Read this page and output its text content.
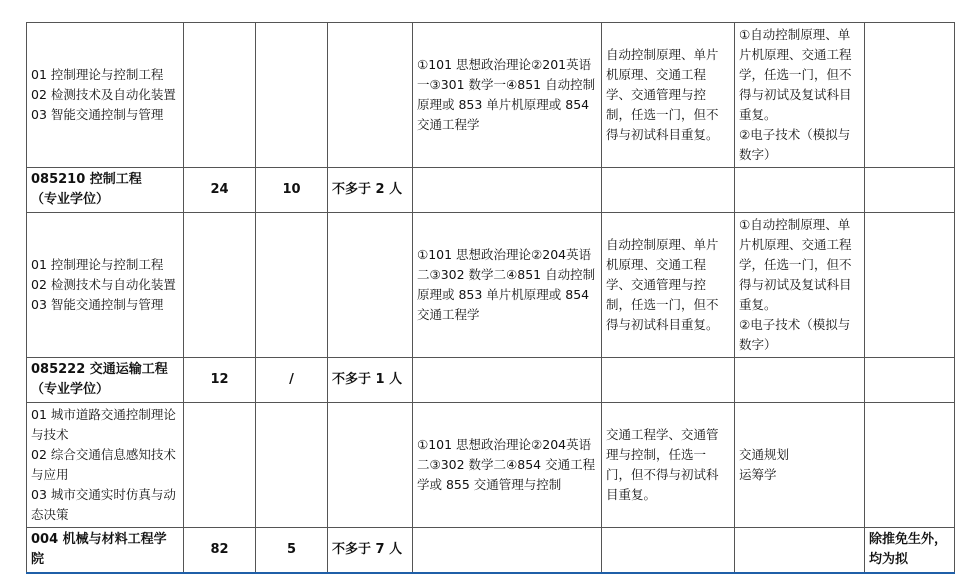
01 控制理论与控制工程
02 检测技术及自动化装置
03 智能交通控制与管理				①101 思想政治理论②201英语一③301 数学一④851 自动控制原理或 853 单片机原理或 854 交通工程学	自动控制原理、单片机原理、交通工程学、交通管理与控制，任选一门，但不得与初试科目重复。	①自动控制原理、单片机原理、交通工程学，任选一门，但不得与初试及复试科目重复。
②电子技术（模拟与数字）	

085210 控制工程
（专业学位）	24	10	不多于 2 人				

01 控制理论与控制工程
02 检测技术与自动化装置
03 智能交通控制与管理				①101 思想政治理论②204英语二③302 数学二④851 自动控制原理或 853 单片机原理或 854 交通工程学	自动控制原理、单片机原理、交通工程学、交通管理与控制，任选一门，但不得与初试科目重复。	①自动控制原理、单片机原理、交通工程学，任选一门，但不得与初试及复试科目重复。
②电子技术（模拟与数字）	

085222 交通运输工程
（专业学位）	12	/	不多于 1 人				

01 城市道路交通控制理论与技术
02 综合交通信息感知技术与应用
03 城市交通实时仿真与动态决策				①101 思想政治理论②204英语二③302 数学二④854 交通工程学或 855 交通管理与控制	交通工程学、交通管理与控制，任选一门，但不得与初试科目重复。	交通规划
运筹学	

004 机械与材料工程学院	82	5	不多于 7 人				除推免生外，均为拟
